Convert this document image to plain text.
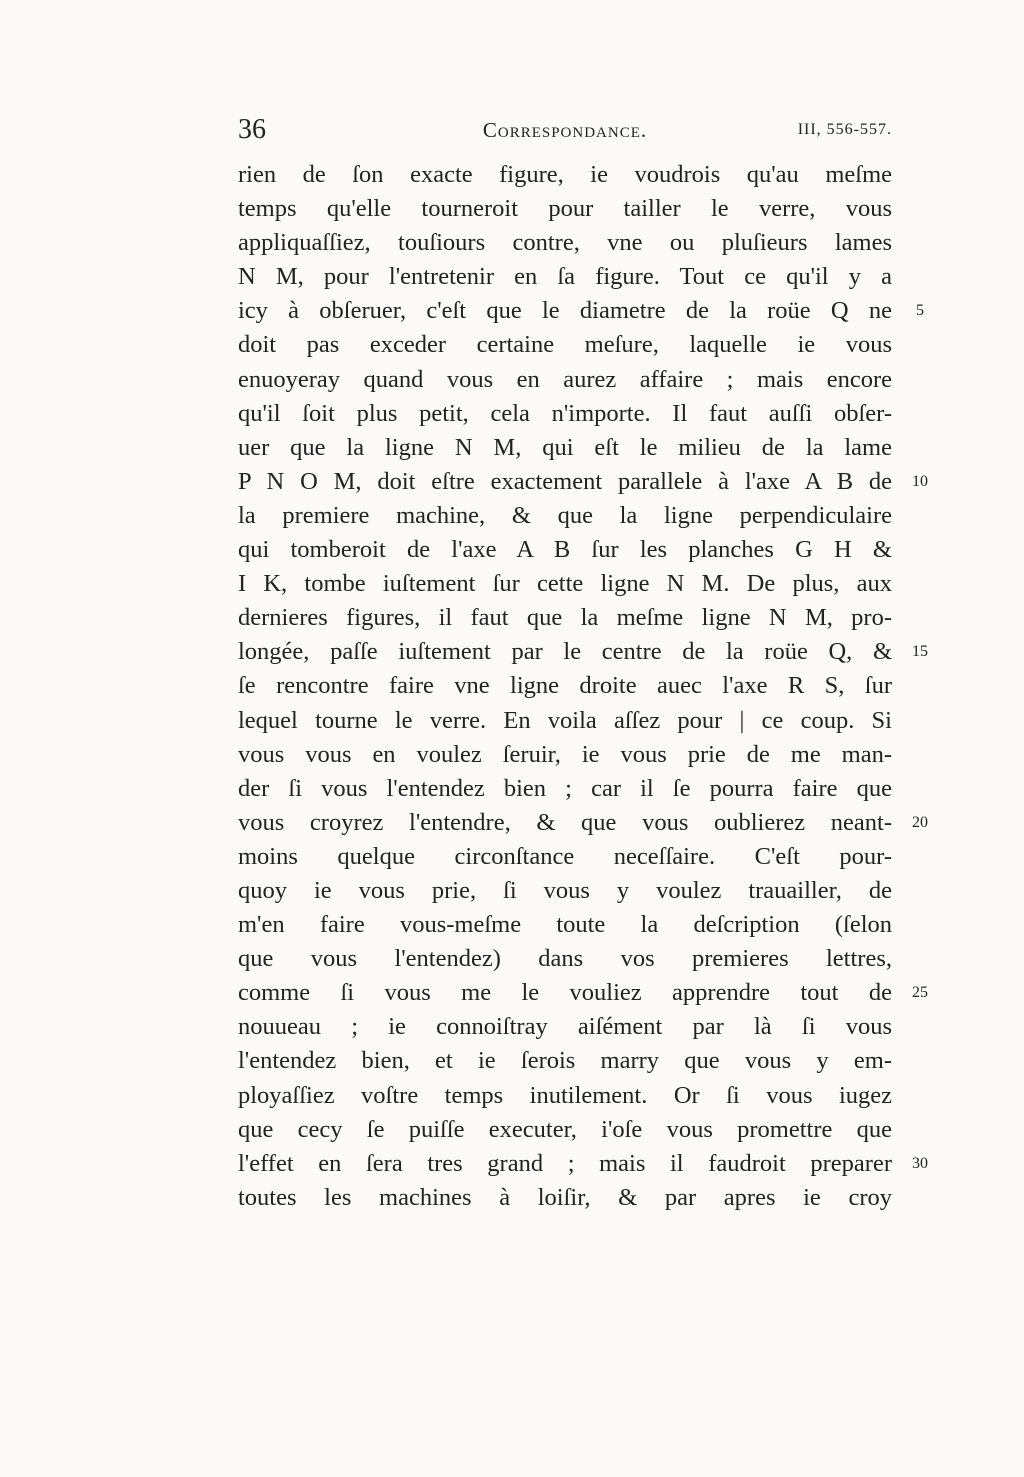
36	Correspondance.	III, 556-557.
rien de ſon exacte figure, ie voudrois qu'au meſme
temps qu'elle tourneroit pour tailler le verre, vous
appliquaſſiez, touſiours contre, vne ou pluſieurs lames
N M, pour l'entretenir en ſa figure. Tout ce qu'il y a
icy à obſeruer, c'eſt que le diametre de la roüe Q ne
doit pas exceder certaine meſure, laquelle ie vous
enuoyeray quand vous en aurez affaire ; mais encore
qu'il ſoit plus petit, cela n'importe. Il faut auſſi obſer-
uer que la ligne N M, qui eſt le milieu de la lame
P N O M, doit eſtre exactement parallele à l'axe A B de
la premiere machine, & que la ligne perpendiculaire
qui tomberoit de l'axe A B ſur les planches G H &
I K, tombe iuſtement ſur cette ligne N M. De plus, aux
dernieres figures, il faut que la meſme ligne N M, pro-
longée, paſſe iuſtement par le centre de la roüe Q, &
ſe rencontre faire vne ligne droite auec l'axe R S, ſur
lequel tourne le verre. En voila aſſez pour | ce coup. Si
vous vous en voulez ſeruir, ie vous prie de me man-
der ſi vous l'entendez bien ; car il ſe pourra faire que
vous croyrez l'entendre, & que vous oublierez neant-
moins quelque circonſtance neceſſaire. C'eſt pour-
quoy ie vous prie, ſi vous y voulez trauailler, de
m'en faire vous-meſme toute la deſcription (ſelon
que vous l'entendez) dans vos premieres lettres,
comme ſi vous me le vouliez apprendre tout de
nouueau ; ie connoiſtray aiſément par là ſi vous
l'entendez bien, et ie ſerois marry que vous y em-
ployaſſiez voſtre temps inutilement. Or ſi vous iugez
que cecy ſe puiſſe executer, i'oſe vous promettre que
l'effet en ſera tres grand ; mais il faudroit preparer
toutes les machines à loiſir, & par apres ie croy
5
10
15
20
25
30
